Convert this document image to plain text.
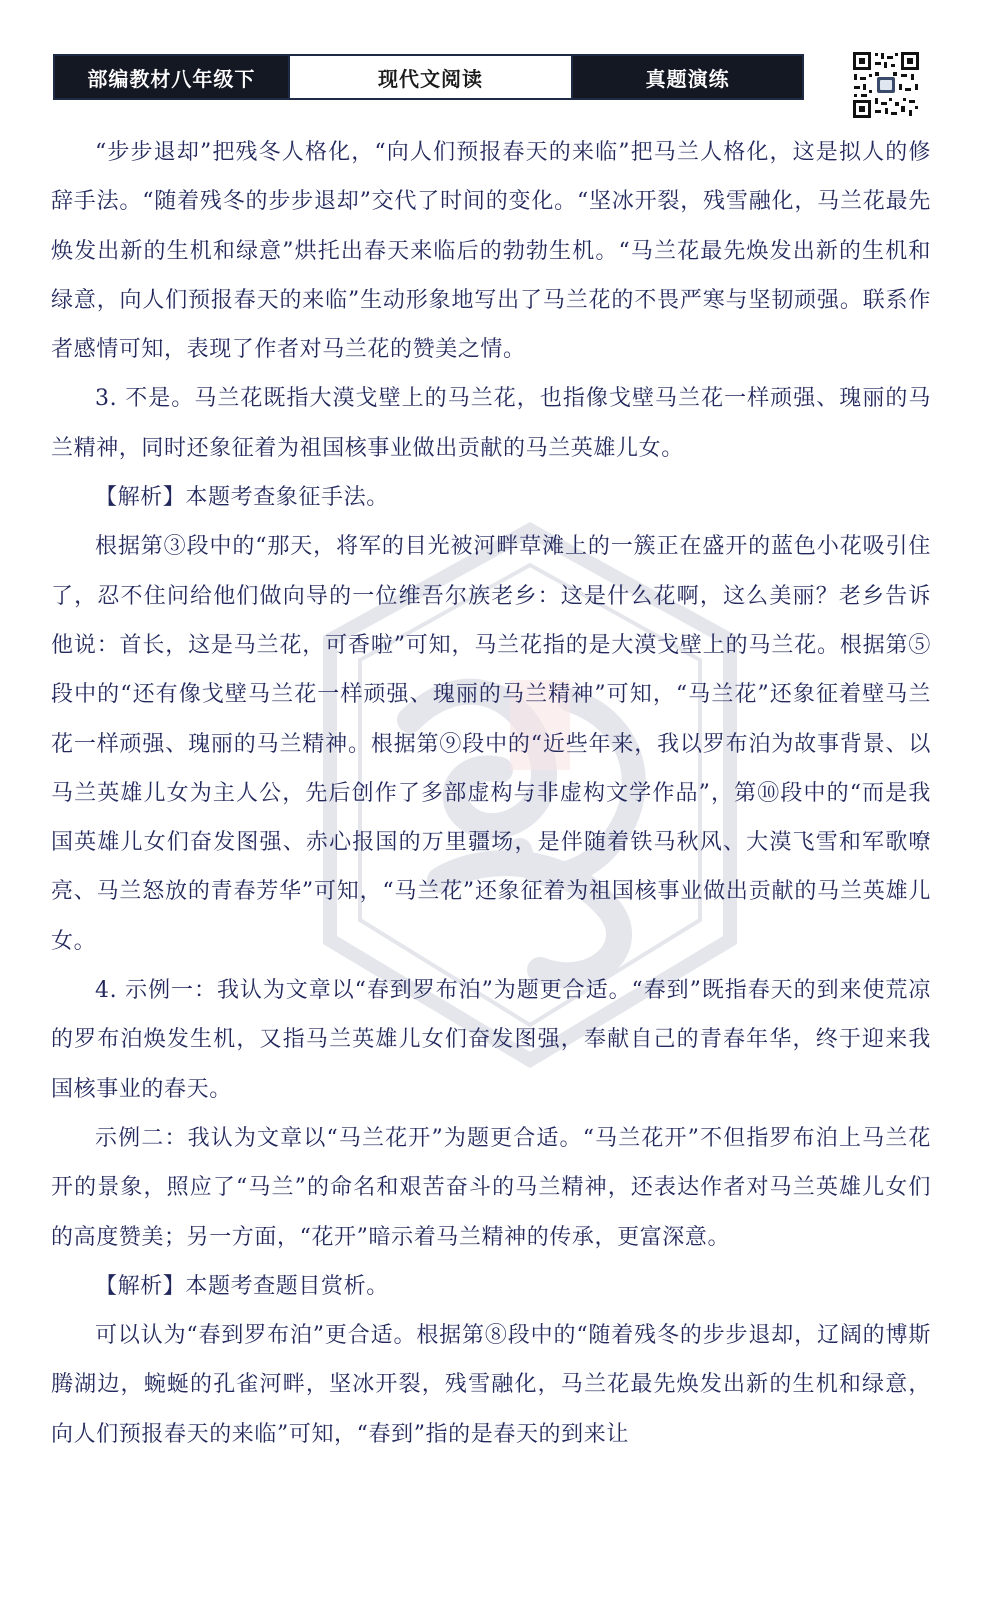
部编教材八年级下	现代文阅读	真题演练

“步步退却”把残冬人格化，“向人们预报春天的来临”把马兰人格化，这是拟人的修辞手法。“随着残冬的步步退却”交代了时间的变化。“坚冰开裂，残雪融化，马兰花最先焕发出新的生机和绿意”烘托出春天来临后的勃勃生机。“马兰花最先焕发出新的生机和绿意，向人们预报春天的来临”生动形象地写出了马兰花的不畏严寒与坚韧顽强。联系作者感情可知，表现了作者对马兰花的赞美之情。

3. 不是。马兰花既指大漠戈壁上的马兰花，也指像戈壁马兰花一样顽强、瑰丽的马兰精神，同时还象征着为祖国核事业做出贡献的马兰英雄儿女。

【解析】本题考查象征手法。

根据第③段中的“那天，将军的目光被河畔草滩上的一簇正在盛开的蓝色小花吸引住了，忍不住问给他们做向导的一位维吾尔族老乡：这是什么花啊，这么美丽？老乡告诉他说：首长，这是马兰花，可香啦”可知，马兰花指的是大漠戈壁上的马兰花。根据第⑤段中的“还有像戈壁马兰花一样顽强、瑰丽的马兰精神”可知，“马兰花”还象征着壁马兰花一样顽强、瑰丽的马兰精神。根据第⑨段中的“近些年来，我以罗布泊为故事背景、以马兰英雄儿女为主人公，先后创作了多部虚构与非虚构文学作品”，第⑩段中的“而是我国英雄儿女们奋发图强、赤心报国的万里疆场，是伴随着铁马秋风、大漠飞雪和军歌嘹亮、马兰怒放的青春芳华”可知，“马兰花”还象征着为祖国核事业做出贡献的马兰英雄儿女。

4. 示例一：我认为文章以“春到罗布泊”为题更合适。“春到”既指春天的到来使荒凉的罗布泊焕发生机，又指马兰英雄儿女们奋发图强，奉献自己的青春年华，终于迎来我国核事业的春天。

示例二：我认为文章以“马兰花开”为题更合适。“马兰花开”不但指罗布泊上马兰花开的景象，照应了“马兰”的命名和艰苦奋斗的马兰精神，还表达作者对马兰英雄儿女们的高度赞美；另一方面，“花开”暗示着马兰精神的传承，更富深意。

【解析】本题考查题目赏析。

可以认为“春到罗布泊”更合适。根据第⑧段中的“随着残冬的步步退却，辽阔的博斯腾湖边，蜿蜒的孔雀河畔，坚冰开裂，残雪融化，马兰花最先焕发出新的生机和绿意，向人们预报春天的来临”可知，“春到”指的是春天的到来让
